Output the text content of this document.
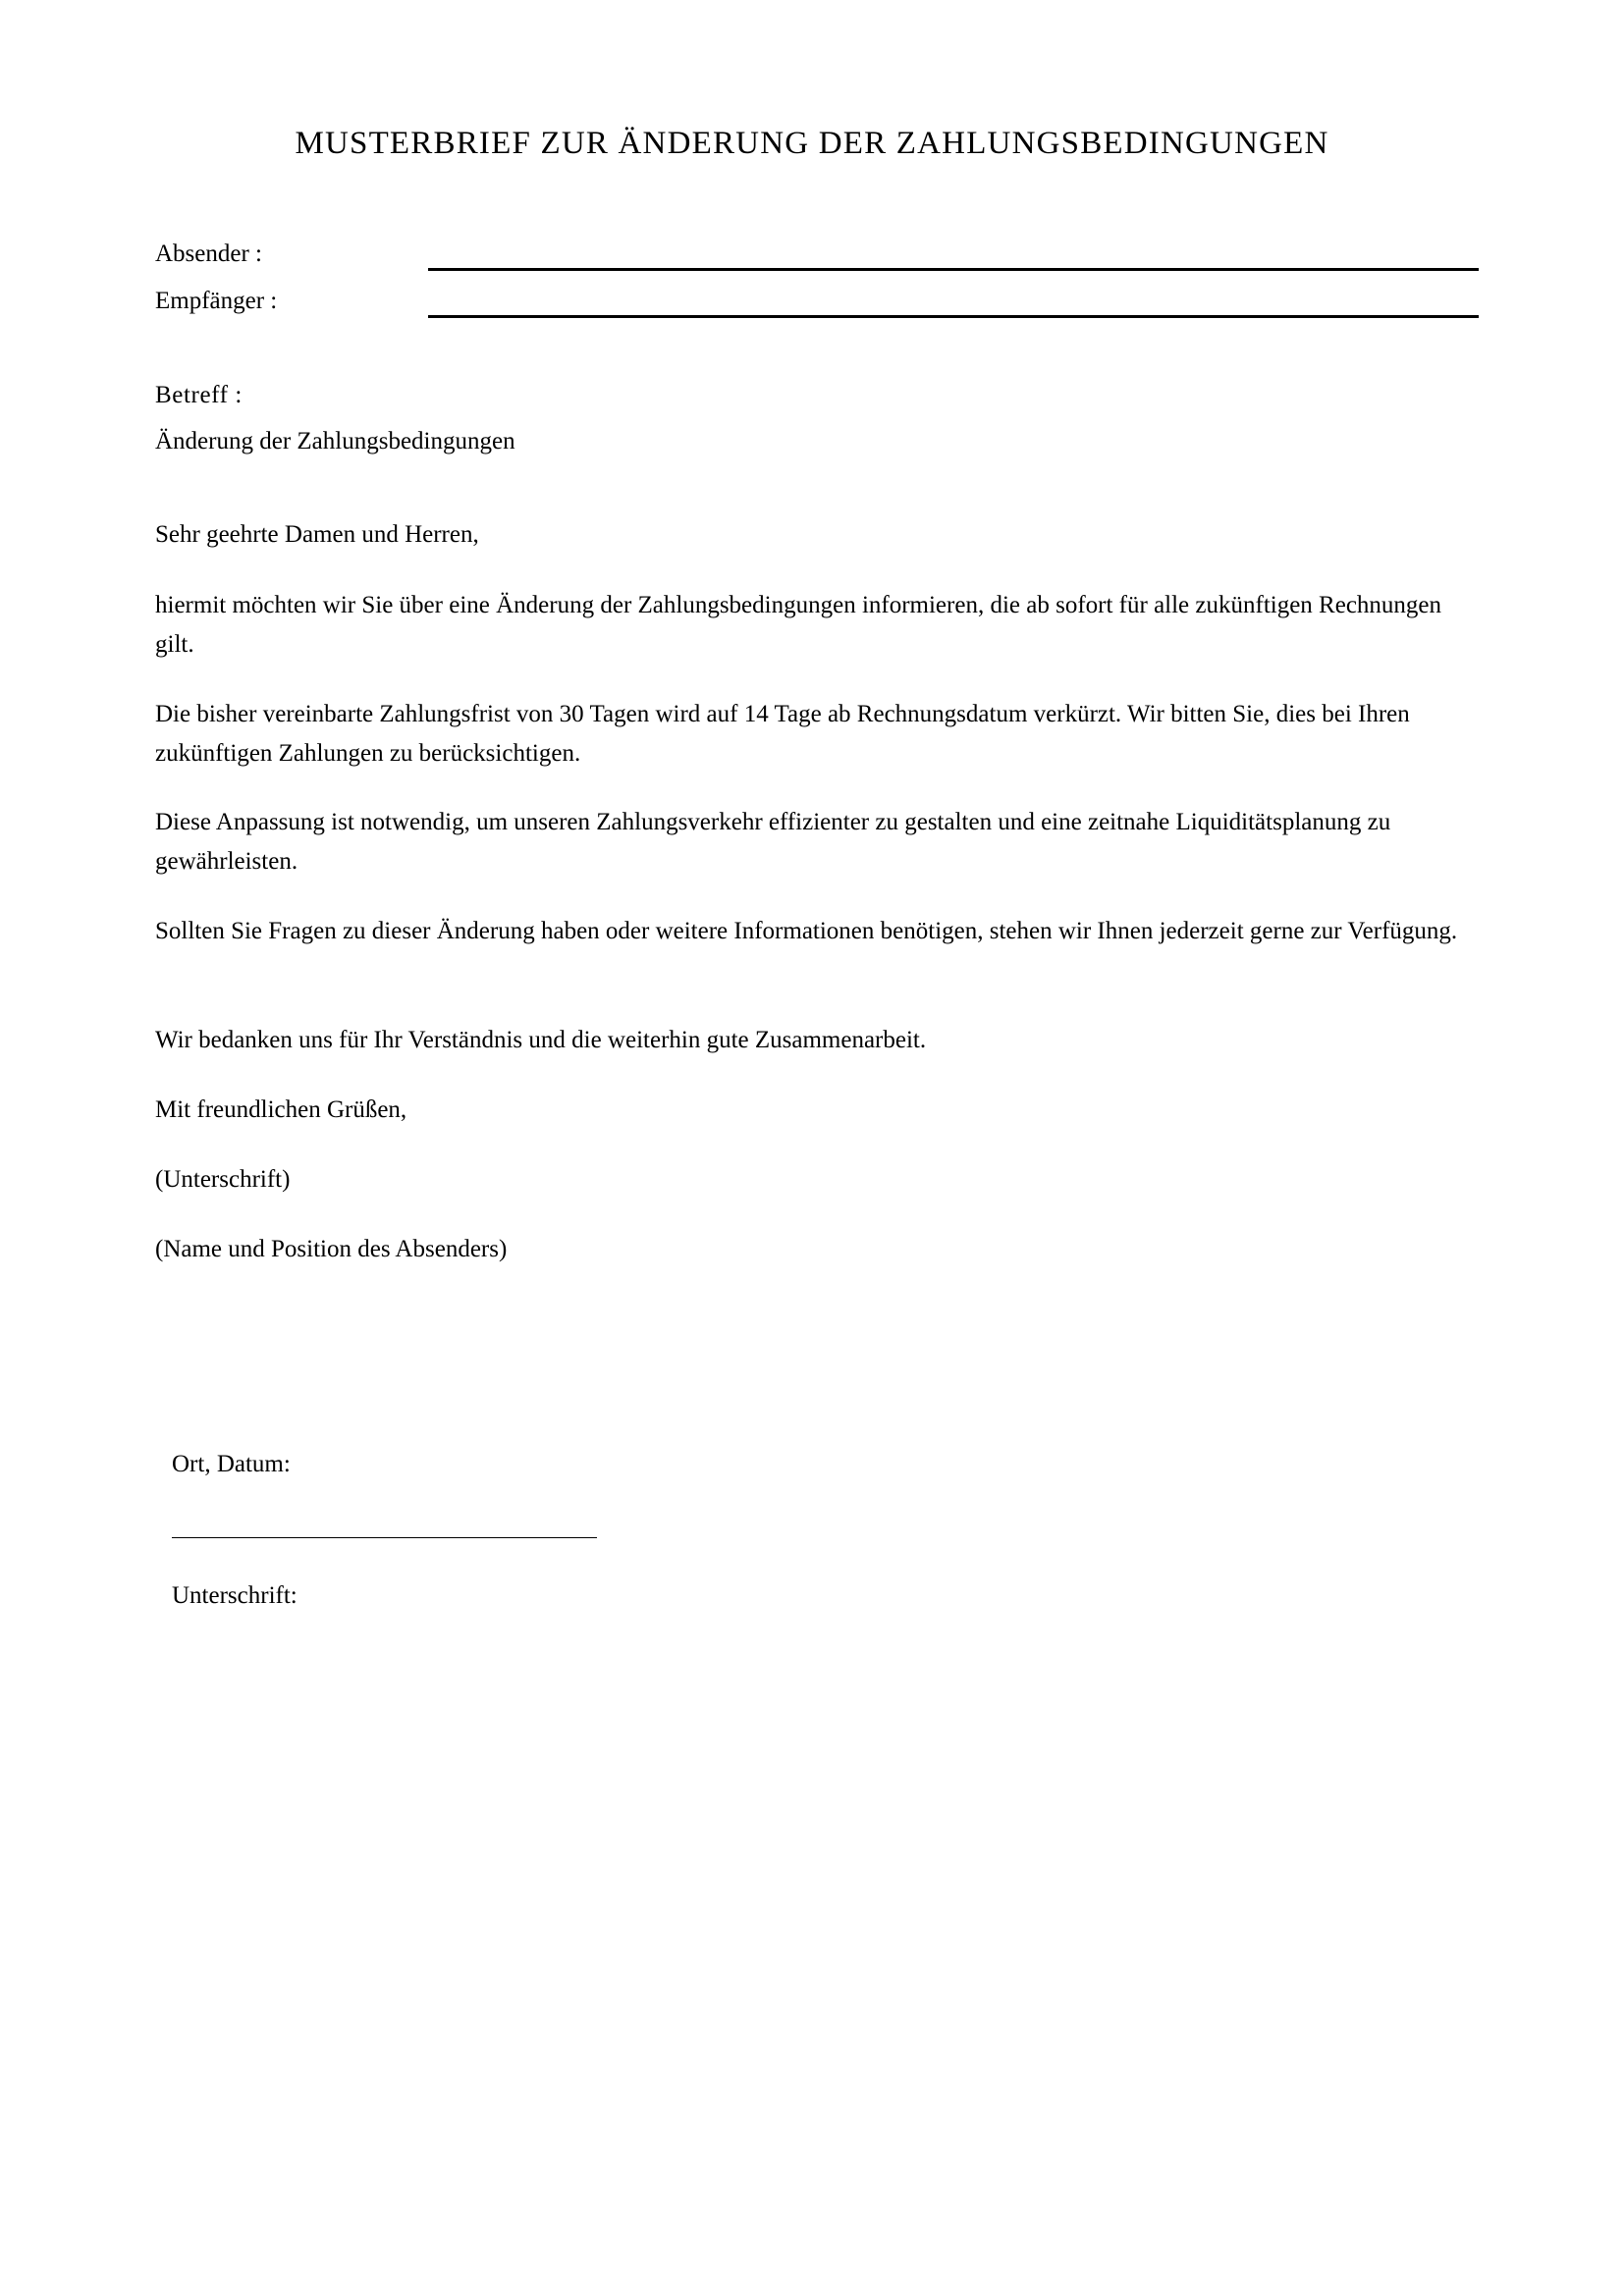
MUSTERBRIEF ZUR ÄNDERUNG DER ZAHLUNGSBEDINGUNGEN
Absender :
Empfänger :
Betreff :
Änderung der Zahlungsbedingungen
Sehr geehrte Damen und Herren,
hiermit möchten wir Sie über eine Änderung der Zahlungsbedingungen informieren, die ab sofort für alle zukünftigen Rechnungen gilt.
Die bisher vereinbarte Zahlungsfrist von 30 Tagen wird auf 14 Tage ab Rechnungsdatum verkürzt. Wir bitten Sie, dies bei Ihren zukünftigen Zahlungen zu berücksichtigen.
Diese Anpassung ist notwendig, um unseren Zahlungsverkehr effizienter zu gestalten und eine zeitnahe Liquiditätsplanung zu gewährleisten.
Sollten Sie Fragen zu dieser Änderung haben oder weitere Informationen benötigen, stehen wir Ihnen jederzeit gerne zur Verfügung.
Wir bedanken uns für Ihr Verständnis und die weiterhin gute Zusammenarbeit.
Mit freundlichen Grüßen,
(Unterschrift)
(Name und Position des Absenders)
Ort, Datum:
Unterschrift:
